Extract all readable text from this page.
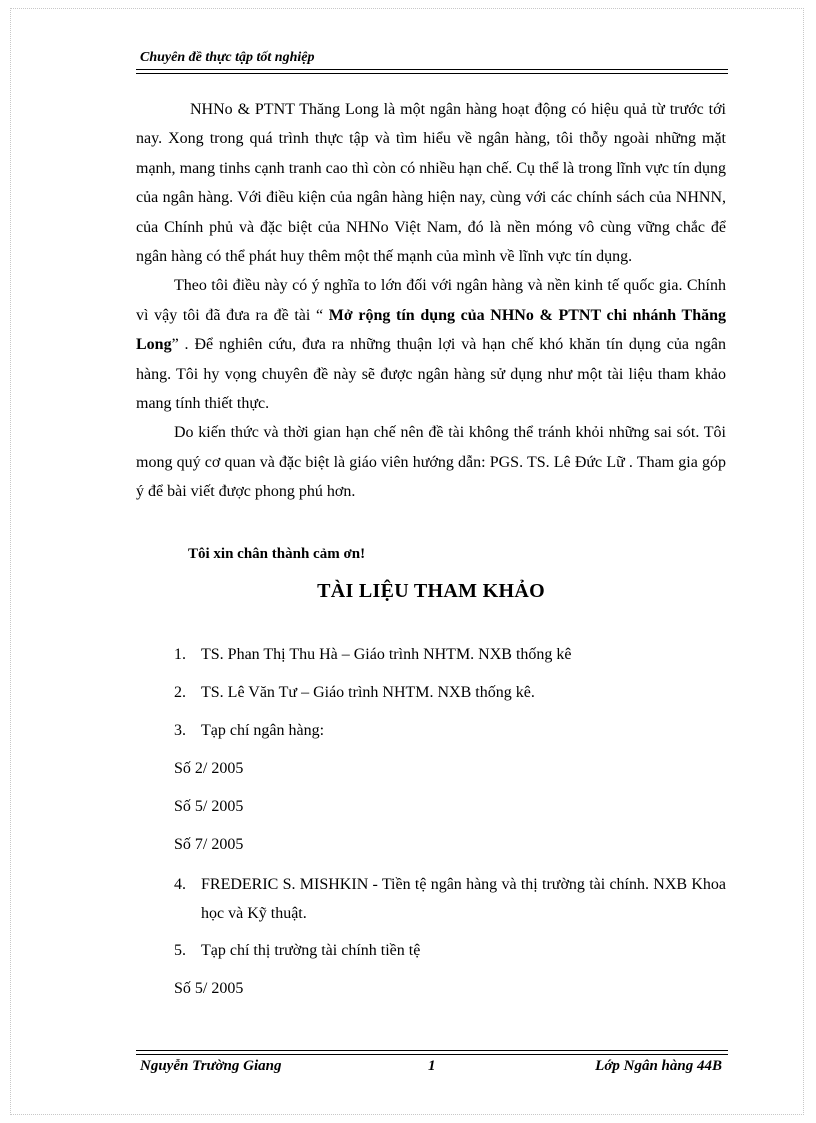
Chuyên đề thực tập tốt nghiệp

NHNo & PTNT Thăng Long là một ngân hàng hoạt động có hiệu quả từ trước tới nay. Xong trong quá trình thực tập và tìm hiểu về ngân hàng, tôi thỗy ngoài những mặt mạnh, mang tinhs cạnh tranh cao thì còn có nhiều hạn chế. Cụ thể là trong lĩnh vực tín dụng của ngân hàng. Với điều kiện của ngân hàng hiện nay, cùng với các chính sách của NHNN, của Chính phủ và đặc biệt của NHNo Việt Nam, đó là nền móng vô cùng vững chắc để ngân hàng có thể phát huy thêm một thế mạnh của mình về lĩnh vực tín dụng.

Theo tôi điều này có ý nghĩa to lớn đối với ngân hàng và nền kinh tế quốc gia. Chính vì vậy tôi đã đưa ra đề tài “ Mở rộng tín dụng của NHNo & PTNT chi nhánh Thăng Long” . Để nghiên cứu, đưa ra những thuận lợi và hạn chế khó khăn tín dụng của ngân hàng. Tôi hy vọng chuyên đề này sẽ được ngân hàng sử dụng như một tài liệu tham khảo mang tính thiết thực.

Do kiến thức và thời gian hạn chế nên đề tài không thể tránh khỏi những sai sót. Tôi mong quý cơ quan và đặc biệt là giáo viên hướng dẫn: PGS. TS. Lê Đức Lữ . Tham gia góp ý để bài viết được phong phú hơn.

Tôi xin chân thành cảm ơn!
TÀI LIỆU THAM KHẢO
1. TS. Phan Thị Thu Hà – Giáo trình NHTM. NXB thống kê
2. TS. Lê Văn Tư – Giáo trình NHTM. NXB thống kê.
3. Tạp chí ngân hàng:
Số 2/ 2005
Số 5/ 2005
Số 7/ 2005
4. FREDERIC S. MISHKIN - Tiền tệ ngân hàng và thị trường tài chính. NXB Khoa học và Kỹ thuật.
5. Tạp chí thị trường tài chính tiền tệ
Số 5/ 2005
Nguyễn Trường Giang	1	Lớp Ngân hàng 44B
